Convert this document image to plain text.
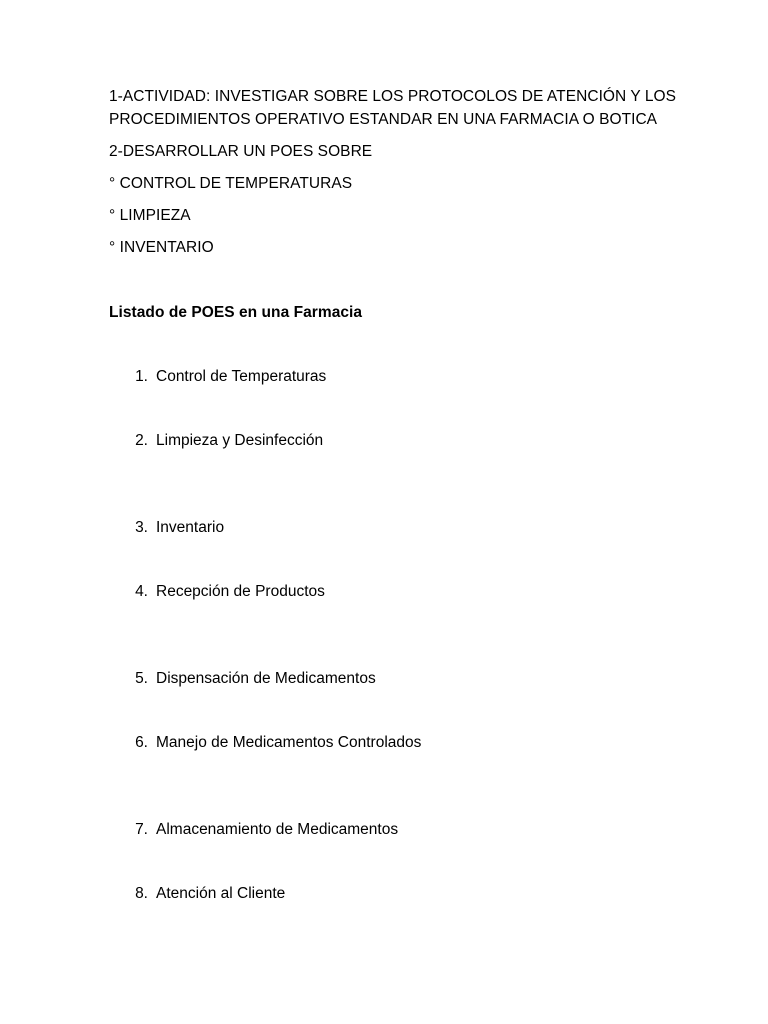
1-ACTIVIDAD: INVESTIGAR SOBRE LOS PROTOCOLOS DE ATENCIÓN Y LOS
PROCEDIMIENTOS OPERATIVO ESTANDAR EN UNA FARMACIA O BOTICA
2-DESARROLLAR UN POES SOBRE
° CONTROL DE TEMPERATURAS
° LIMPIEZA
° INVENTARIO
Listado de POES en una Farmacia
1. Control de Temperaturas
2. Limpieza y Desinfección
3. Inventario
4. Recepción de Productos
5. Dispensación de Medicamentos
6. Manejo de Medicamentos Controlados
7. Almacenamiento de Medicamentos
8. Atención al Cliente
